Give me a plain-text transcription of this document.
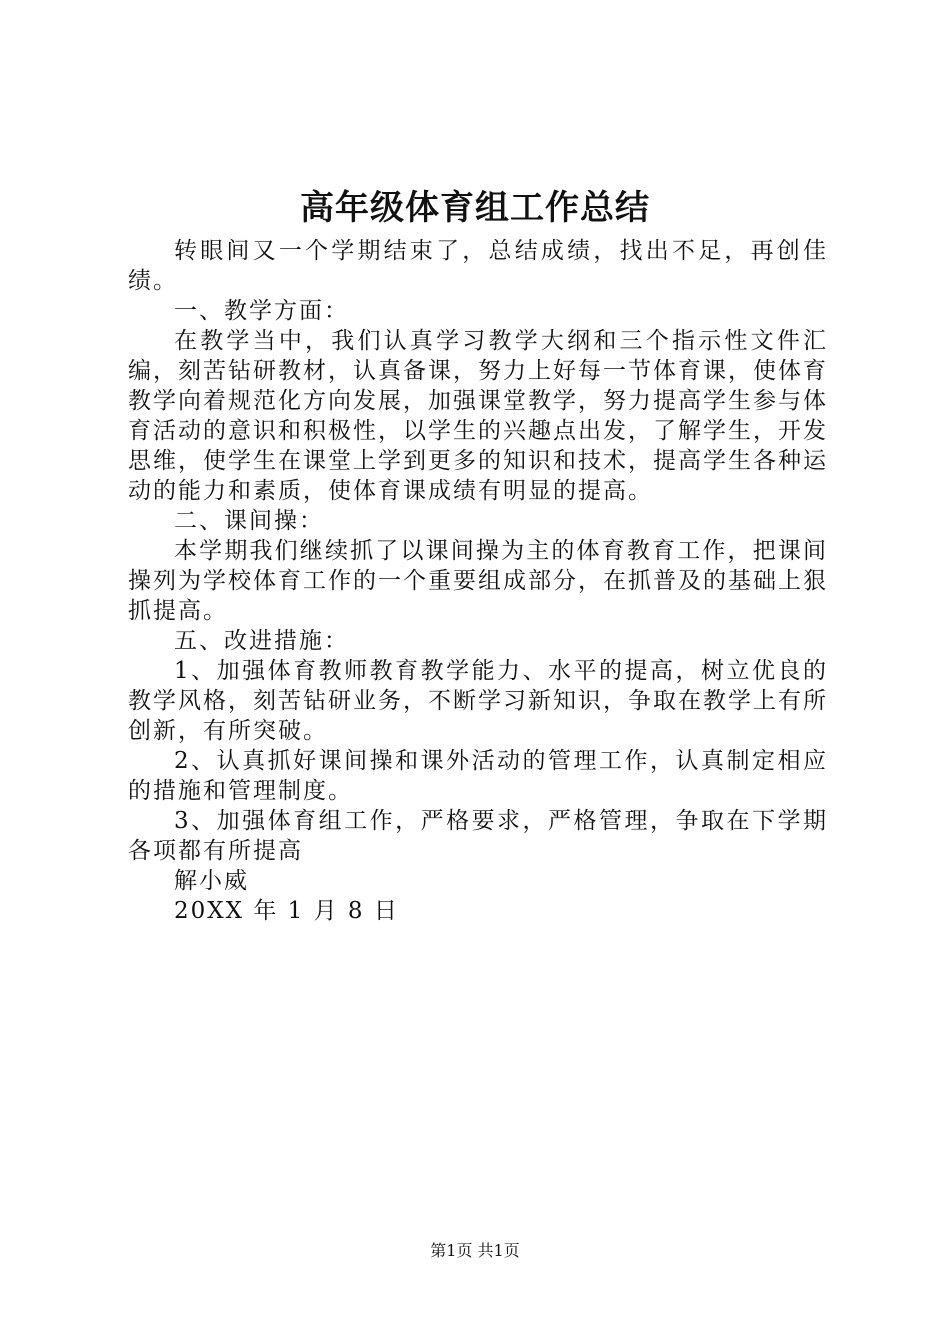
高年级体育组工作总结

转眼间又一个学期结束了，总结成绩，找出不足，再创佳绩。

一、教学方面：

在教学当中，我们认真学习教学大纲和三个指示性文件汇编，刻苦钻研教材，认真备课，努力上好每一节体育课，使体育教学向着规范化方向发展，加强课堂教学，努力提高学生参与体育活动的意识和积极性，以学生的兴趣点出发，了解学生，开发思维，使学生在课堂上学到更多的知识和技术，提高学生各种运动的能力和素质，使体育课成绩有明显的提高。

二、课间操：

本学期我们继续抓了以课间操为主的体育教育工作，把课间操列为学校体育工作的一个重要组成部分，在抓普及的基础上狠抓提高。

五、改进措施：

1、加强体育教师教育教学能力、水平的提高，树立优良的教学风格，刻苦钻研业务，不断学习新知识，争取在教学上有所创新，有所突破。

2、认真抓好课间操和课外活动的管理工作，认真制定相应的措施和管理制度。

3、加强体育组工作，严格要求，严格管理，争取在下学期各项都有所提高

解小威

20XX 年 1 月 8 日

第1页 共1页
